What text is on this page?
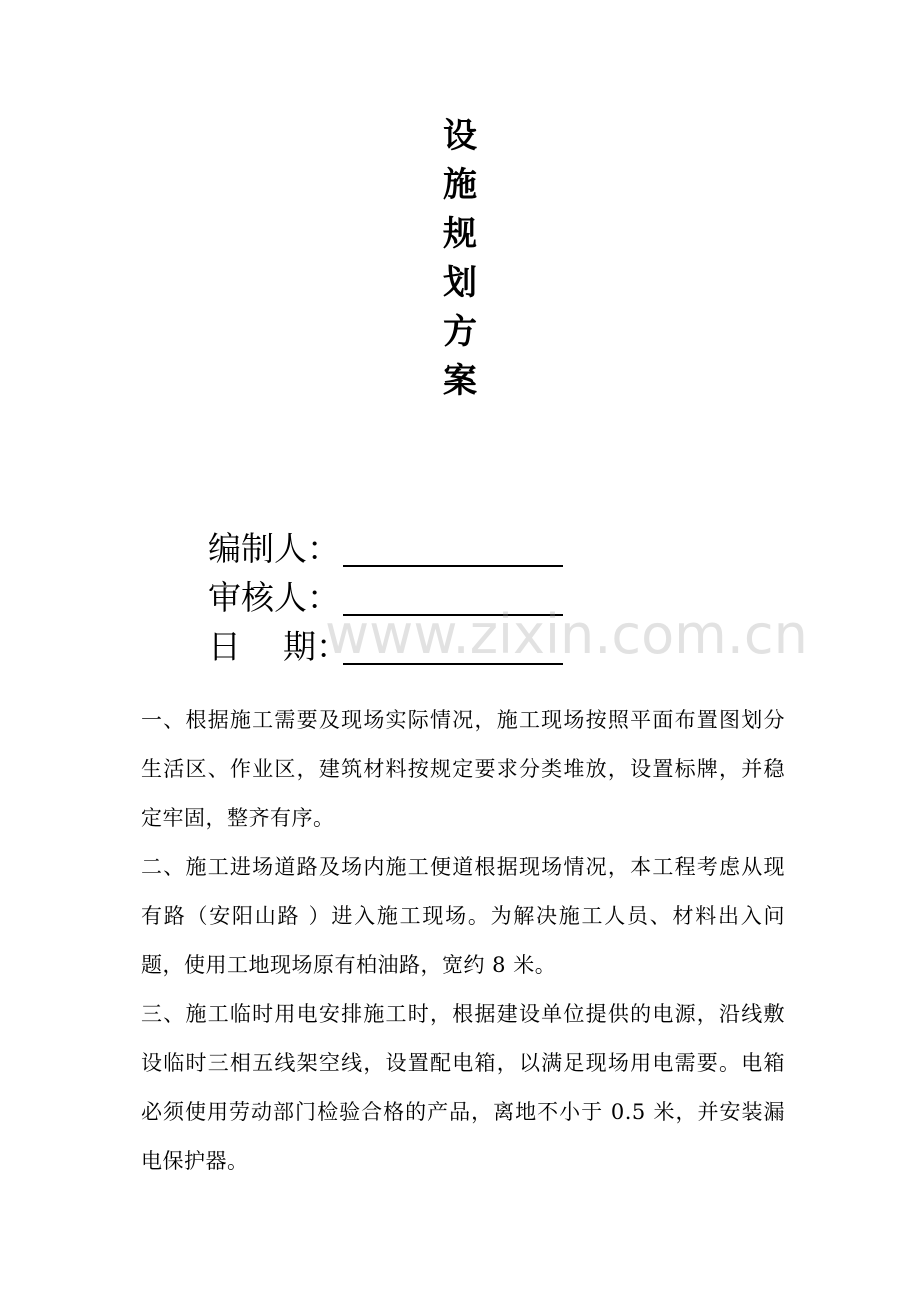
设
施
规
划
方
案
编制人：
审核人：
日    期：
www.zixin.com.cn

一、根据施工需要及现场实际情况，施工现场按照平面布置图划分生活区、作业区，建筑材料按规定要求分类堆放，设置标牌，并稳定牢固，整齐有序。

二、施工进场道路及场内施工便道根据现场情况，本工程考虑从现有路（安阳山路 ）进入施工现场。为解决施工人员、材料出入问题，使用工地现场原有柏油路，宽约 8 米。

三、施工临时用电安排施工时，根据建设单位提供的电源，沿线敷设临时三相五线架空线，设置配电箱，以满足现场用电需要。电箱必须使用劳动部门检验合格的产品，离地不小于 0.5 米，并安装漏电保护器。
